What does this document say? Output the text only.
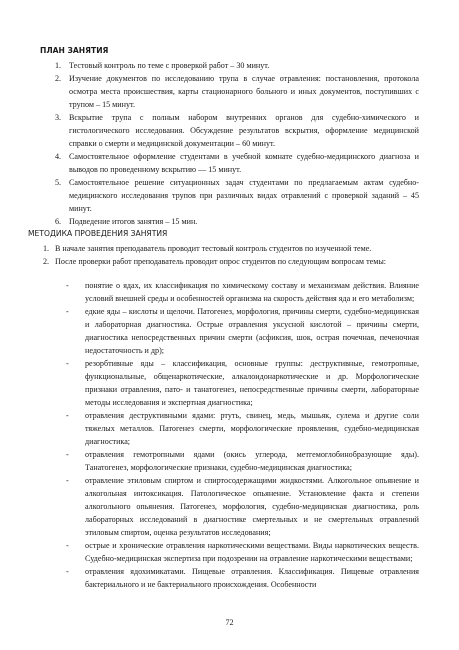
ПЛАН ЗАНЯТИЯ
1. Тестовый контроль по теме с проверкой работ – 30 минут.
2. Изучение документов по исследованию трупа в случае отравления: постановления, протокола осмотра места происшествия, карты стационарного больного и иных документов, поступивших с трупом – 15 минут.
3. Вскрытие трупа с полным набором внутренних органов для судебно-химического и гистологического исследования. Обсуждение результатов вскрытия, оформление медицинской справки о смерти и медицинской документации – 60 минут.
4. Самостоятельное оформление студентами в учебной комнате судебно-медицинского диагноза и выводов по проведенному вскрытию — 15 минут.
5. Самостоятельное решение ситуационных задач студентами по предлагаемым актам судебно-медицинского исследования трупов при различных видах отравлений с проверкой заданий – 45 минут.
6. Подведение итогов занятия – 15 мин.
МЕТОДИКА ПРОВЕДЕНИЯ ЗАНЯТИЯ
1. В начале занятия преподаватель проводит тестовый контроль студентов по изученной теме.
2. После проверки работ преподаватель проводит опрос студентов по следующим вопросам темы:
- понятие о ядах, их классификация по химическому составу и механизмам действия. Влияние условий внешней среды и особенностей организма на скорость действия яда и его метаболизм;
- едкие яды – кислоты и щелочи. Патогенез, морфология, причины смерти, судебно-медицинская и лабораторная диагностика. Острые отравления уксусной кислотой – причины смерти, диагностика непосредственных причин смерти (асфиксия, шок, острая почечная, печеночная недостаточность и др);
- резорбтивные яды – классификация, основные группы: деструктивные, гемотропные, функциональные, общенаркотические, алкалоидонаркотические и др. Морфологические признаки отравления, пато- и танатогенез, непосредственные причины смерти, лабораторные методы исследования и экспертная диагностика;
- отравления деструктивными ядами: ртуть, свинец, медь, мышьяк, сулема и другие соли тяжелых металлов. Патогенез смерти, морфологические проявления, судебно-медицинская диагностика;
- отравления гемотропными ядами (окись углерода, метгемоглобинобразующие яды). Танатогенез, морфологические признаки, судебно-медицинская диагностика;
- отравление этиловым спиртом и спиртосодержащими жидкостями. Алкогольное опьянение и алкогольная интоксикация. Патологическое опьянение. Установление факта и степени алкогольного опьянения. Патогенез, морфология, судебно-медицинская диагностика, роль лабораторных исследований в диагностике смертельных и не смертельных отравлений этиловым спиртом, оценка результатов исследования;
- острые и хронические отравления наркотическими веществами. Виды наркотических веществ. Судебно-медицинская экспертиза при подозрении на отравление наркотическими веществами;
- отравления ядохимикатами. Пищевые отравления. Классификация. Пищевые отравления бактериального и не бактериального происхождения. Особенности
72
